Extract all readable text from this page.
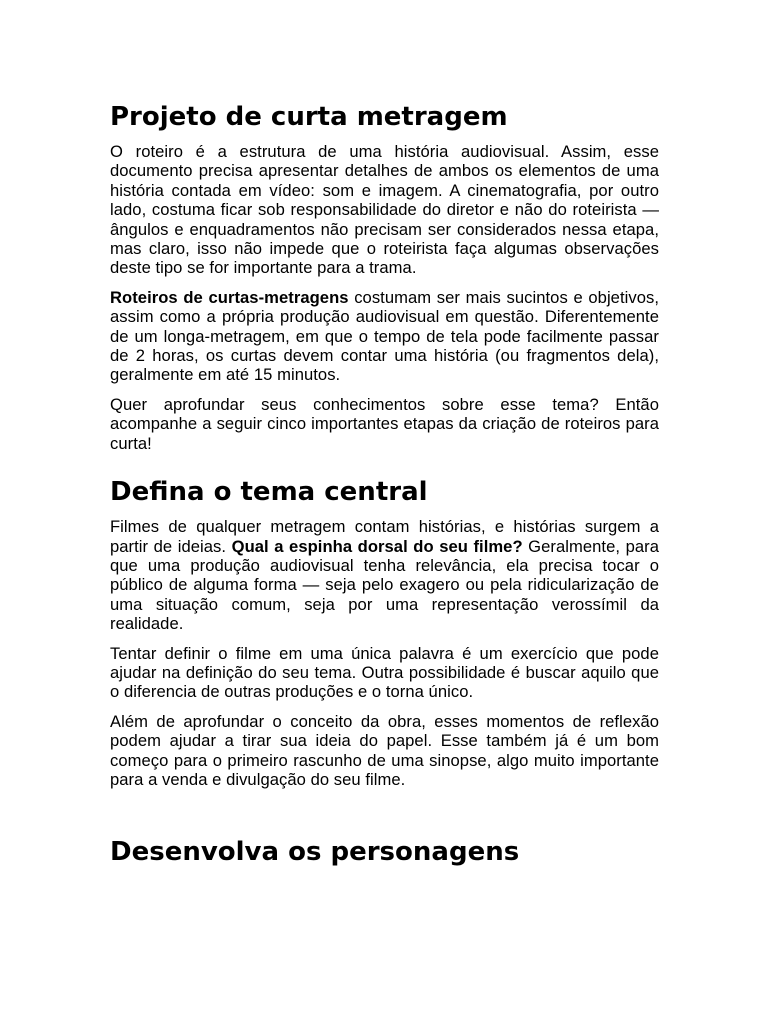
Projeto de curta metragem

O roteiro é a estrutura de uma história audiovisual. Assim, esse documento precisa apresentar detalhes de ambos os elementos de uma história contada em vídeo: som e imagem. A cinematografia, por outro lado, costuma ficar sob responsabilidade do diretor e não do roteirista — ângulos e enquadramentos não precisam ser considerados nessa etapa, mas claro, isso não impede que o roteirista faça algumas observações deste tipo se for importante para a trama.

Roteiros de curtas-metragens costumam ser mais sucintos e objetivos, assim como a própria produção audiovisual em questão. Diferentemente de um longa-metragem, em que o tempo de tela pode facilmente passar de 2 horas, os curtas devem contar uma história (ou fragmentos dela), geralmente em até 15 minutos.

Quer aprofundar seus conhecimentos sobre esse tema? Então acompanhe a seguir cinco importantes etapas da criação de roteiros para curta!

Defina o tema central

Filmes de qualquer metragem contam histórias, e histórias surgem a partir de ideias. Qual a espinha dorsal do seu filme? Geralmente, para que uma produção audiovisual tenha relevância, ela precisa tocar o público de alguma forma — seja pelo exagero ou pela ridicularização de uma situação comum, seja por uma representação verossímil da realidade.

Tentar definir o filme em uma única palavra é um exercício que pode ajudar na definição do seu tema. Outra possibilidade é buscar aquilo que o diferencia de outras produções e o torna único.

Além de aprofundar o conceito da obra, esses momentos de reflexão podem ajudar a tirar sua ideia do papel. Esse também já é um bom começo para o primeiro rascunho de uma sinopse, algo muito importante para a venda e divulgação do seu filme.

Desenvolva os personagens
